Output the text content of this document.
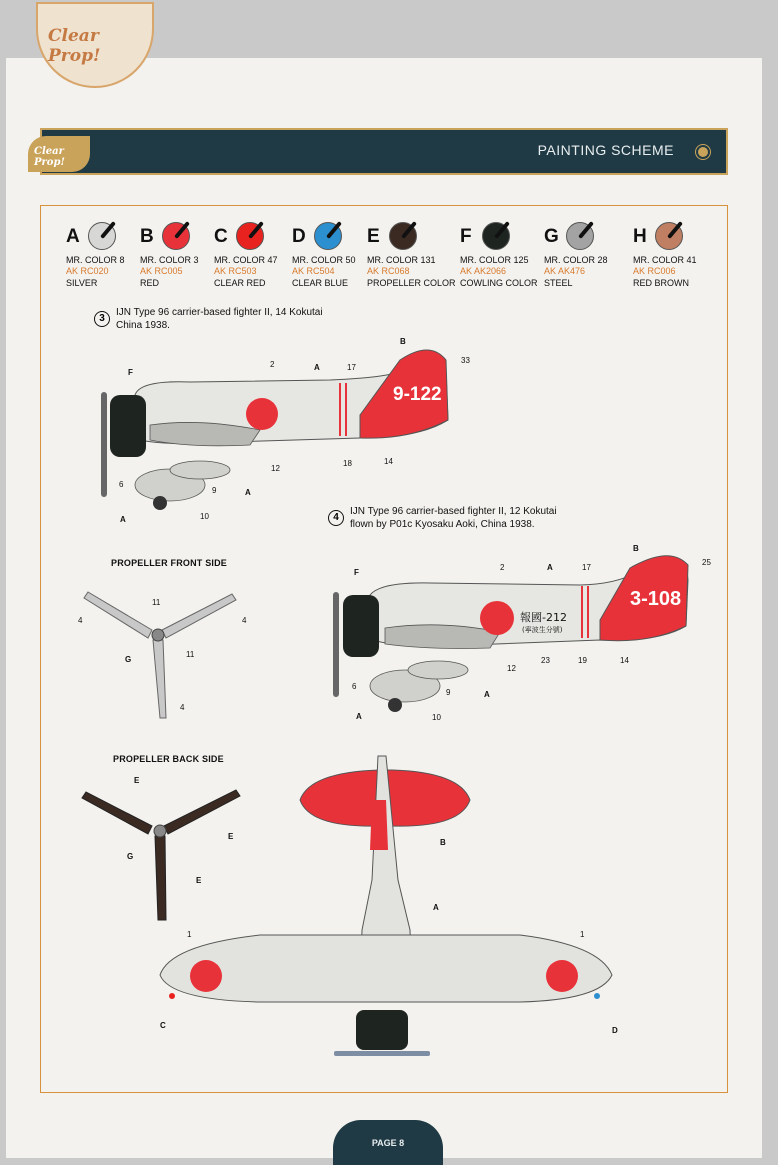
Clear Prop!
PAINTING SCHEME
Clear Prop!
A
MR. COLOR 8
AK RC020
SILVER
B
MR. COLOR 3
AK RC005
RED
C
MR. COLOR 47
AK RC503
CLEAR RED
D
MR. COLOR 50
AK RC504
CLEAR BLUE
E
MR. COLOR 131
AK RC068
PROPELLER COLOR
F
MR. COLOR 125
AK AK2066
COWLING COLOR
G
MR. COLOR 28
AK AK476
STEEL
H
MR. COLOR 41
AK RC006
RED BROWN
3
IJN Type 96 carrier-based fighter II, 14 Kokutai
China 1938.
9-122
F
2	A	17
B
33
12
18	14
6
9	A
10
A	4
IJN Type 96 carrier-based fighter II, 12 Kokutai
flown by P01c Kyosaku Aoki, China 1938.
3-108
報國-212
(寧波生分號)
F
2	A	17
B
25
12
23	19	14
6
9	A
10
A
PROPELLER FRONT SIDE
11
11
4	4
4
G
PROPELLER BACK SIDE
E
E
E
G
1	1
B
A
C
D
PAGE 8
